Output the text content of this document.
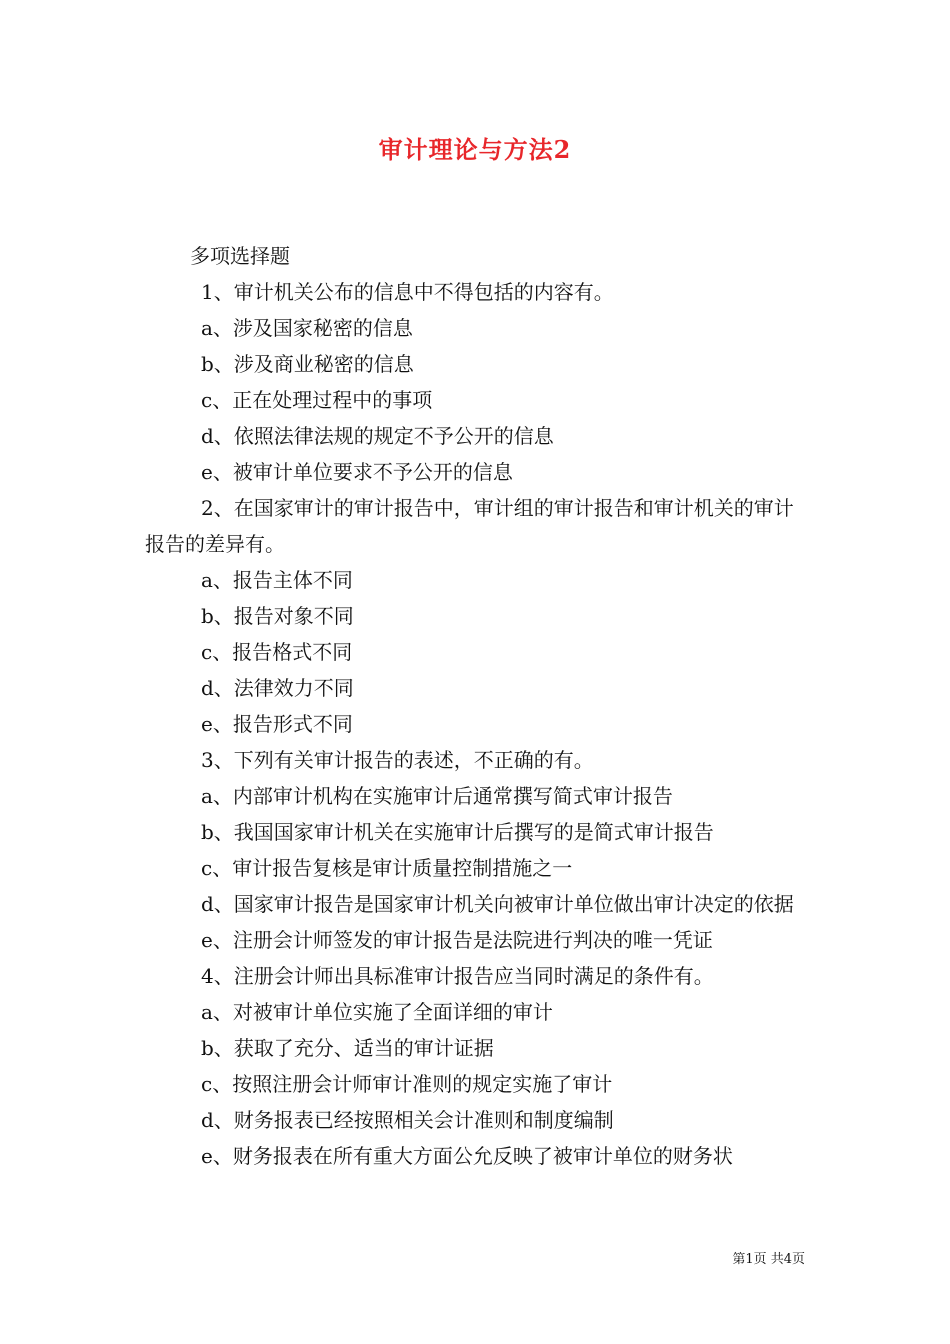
审计理论与方法2
多项选择题
1、审计机关公布的信息中不得包括的内容有。
a、涉及国家秘密的信息
b、涉及商业秘密的信息
c、正在处理过程中的事项
d、依照法律法规的规定不予公开的信息
e、被审计单位要求不予公开的信息
2、在国家审计的审计报告中，审计组的审计报告和审计机关的审计报告的差异有。
a、报告主体不同
b、报告对象不同
c、报告格式不同
d、法律效力不同
e、报告形式不同
3、下列有关审计报告的表述，不正确的有。
a、内部审计机构在实施审计后通常撰写简式审计报告
b、我国国家审计机关在实施审计后撰写的是简式审计报告
c、审计报告复核是审计质量控制措施之一
d、国家审计报告是国家审计机关向被审计单位做出审计决定的依据
e、注册会计师签发的审计报告是法院进行判决的唯一凭证
4、注册会计师出具标准审计报告应当同时满足的条件有。
a、对被审计单位实施了全面详细的审计
b、获取了充分、适当的审计证据
c、按照注册会计师审计准则的规定实施了审计
d、财务报表已经按照相关会计准则和制度编制
e、财务报表在所有重大方面公允反映了被审计单位的财务状
第1页 共4页
